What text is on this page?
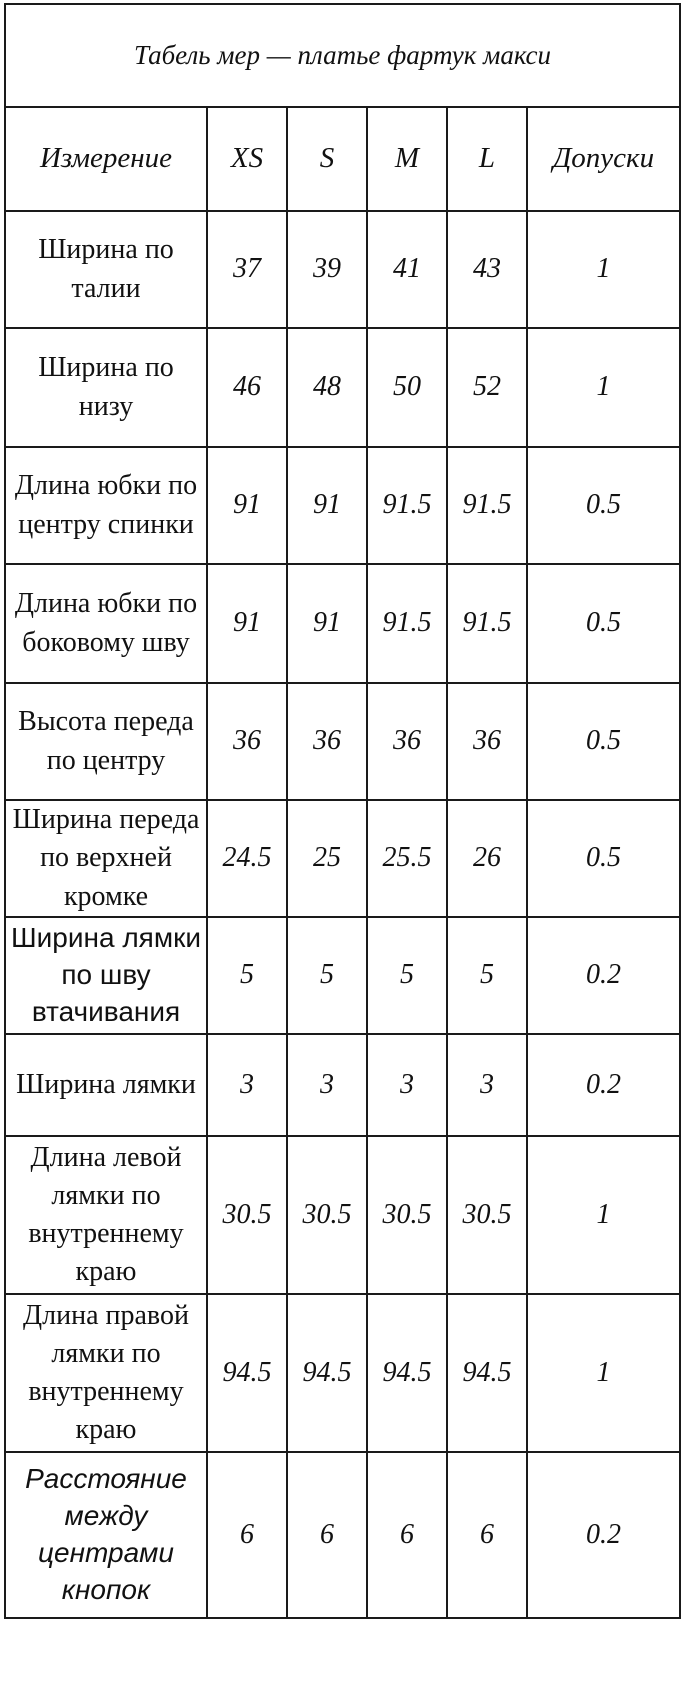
Табель мер — платье фартук макси					
Измерение	XS	S	M	L	Допуски
Ширина по талии	37	39	41	43	1
Ширина по низу	46	48	50	52	1
Длина юбки по центру спинки	91	91	91.5	91.5	0.5
Длина юбки по боковому шву	91	91	91.5	91.5	0.5
Высота переда по центру	36	36	36	36	0.5
Ширина переда по верхней кромке	24.5	25	25.5	26	0.5
Ширина лямки по шву втачивания	5	5	5	5	0.2
Ширина лямки	3	3	3	3	0.2
Длина левой лямки по внутреннему краю	30.5	30.5	30.5	30.5	1
Длина правой лямки по внутреннему краю	94.5	94.5	94.5	94.5	1
Расстояние между центрами кнопок	6	6	6	6	0.2
